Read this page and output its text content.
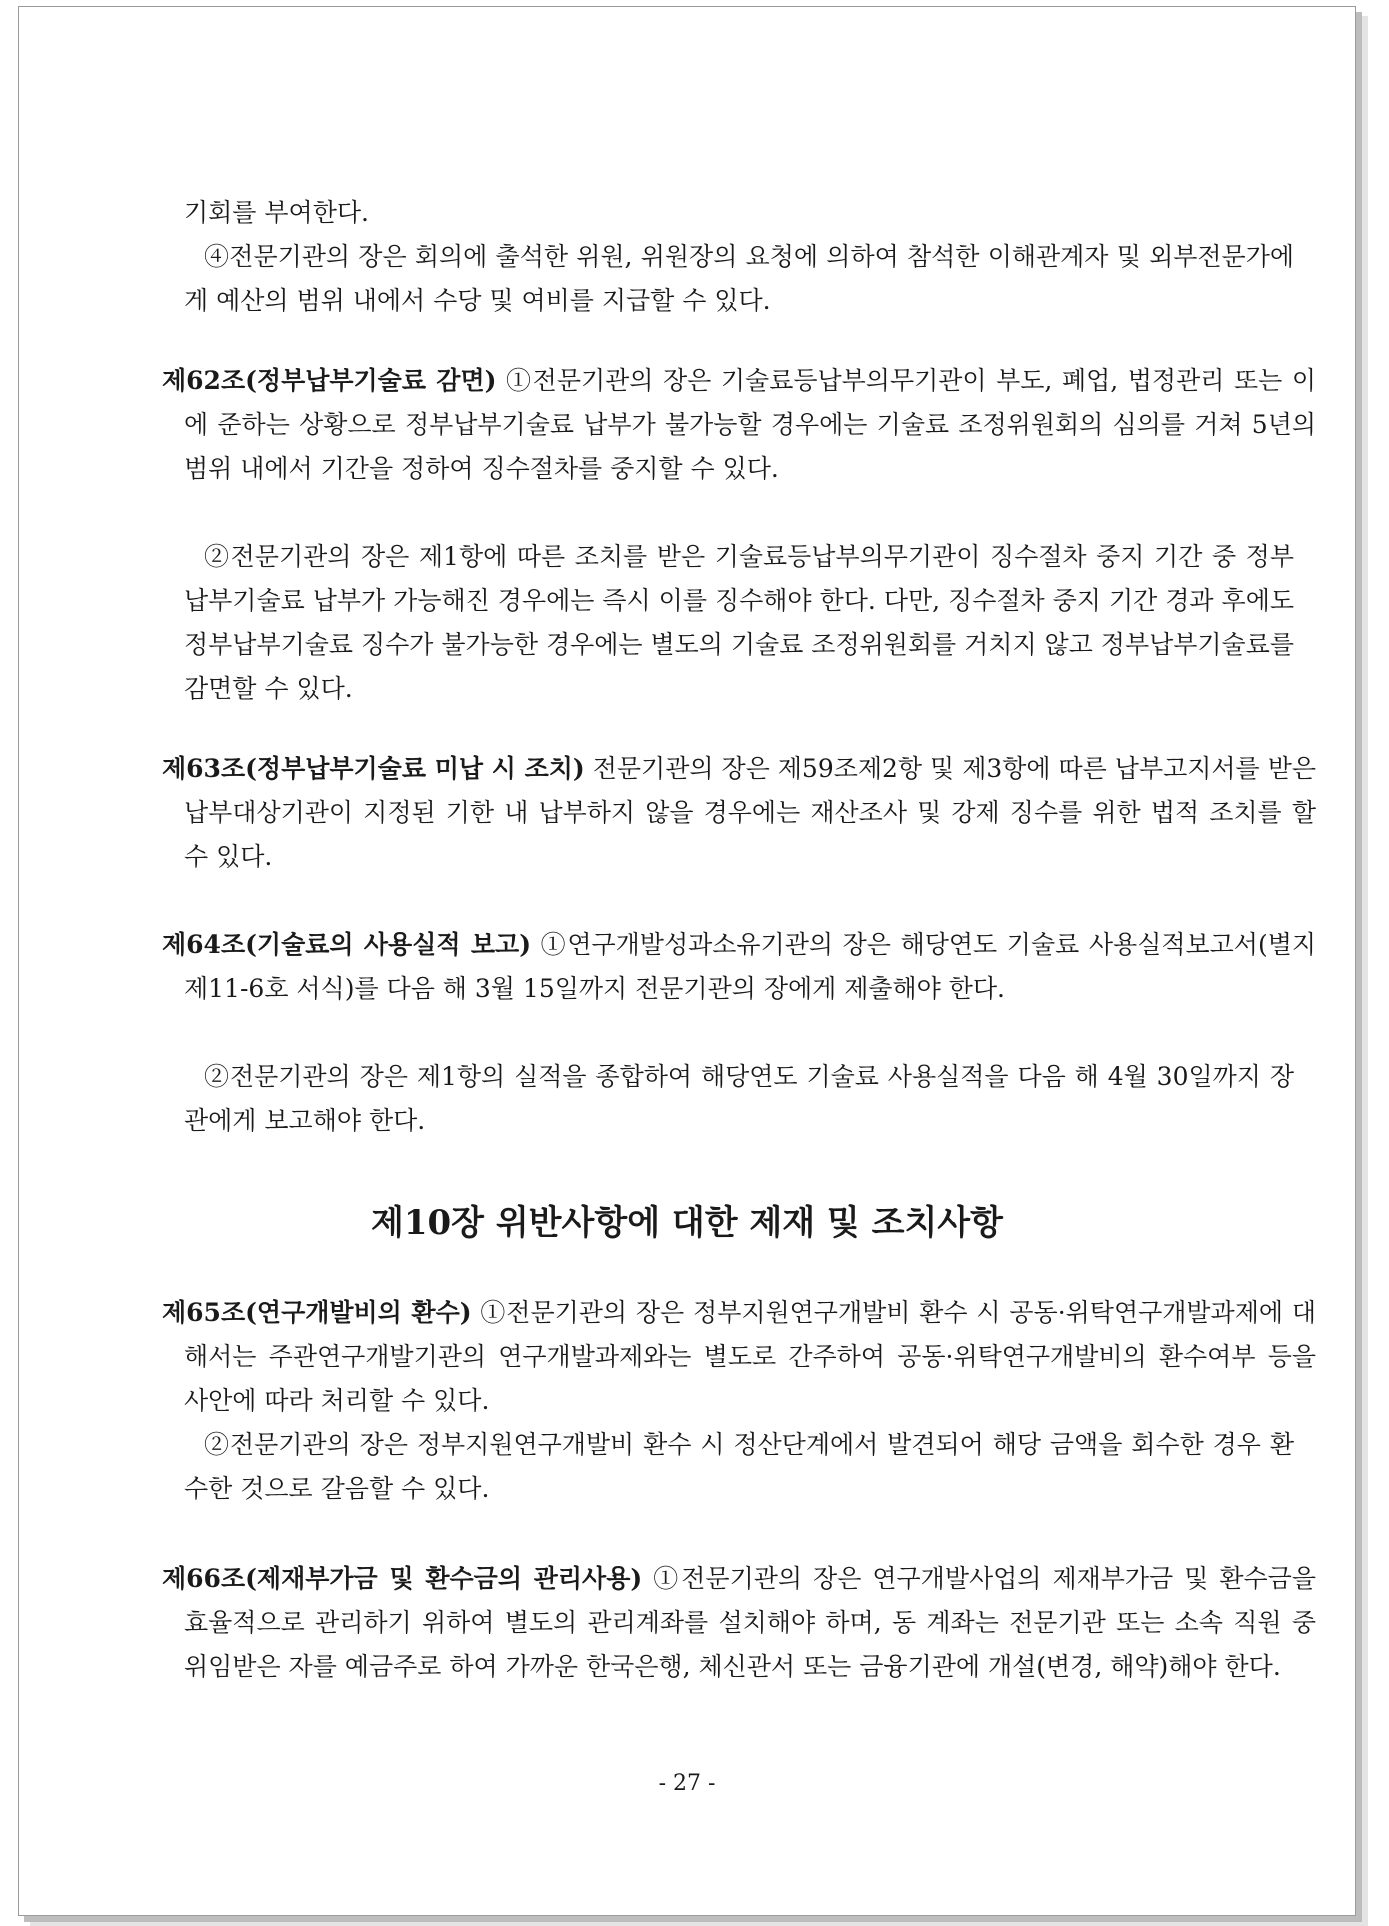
기회를 부여한다.

④전문기관의 장은 회의에 출석한 위원, 위원장의 요청에 의하여 참석한 이해관계자 및 외부전문가에게 예산의 범위 내에서 수당 및 여비를 지급할 수 있다.

제62조(정부납부기술료 감면) ①전문기관의 장은 기술료등납부의무기관이 부도, 폐업, 법정관리 또는 이에 준하는 상황으로 정부납부기술료 납부가 불가능할 경우에는 기술료 조정위원회의 심의를 거쳐 5년의 범위 내에서 기간을 정하여 징수절차를 중지할 수 있다.

②전문기관의 장은 제1항에 따른 조치를 받은 기술료등납부의무기관이 징수절차 중지 기간 중 정부납부기술료 납부가 가능해진 경우에는 즉시 이를 징수해야 한다. 다만, 징수절차 중지 기간 경과 후에도 정부납부기술료 징수가 불가능한 경우에는 별도의 기술료 조정위원회를 거치지 않고 정부납부기술료를 감면할 수 있다.

제63조(정부납부기술료 미납 시 조치) 전문기관의 장은 제59조제2항 및 제3항에 따른 납부고지서를 받은 납부대상기관이 지정된 기한 내 납부하지 않을 경우에는 재산조사 및 강제 징수를 위한 법적 조치를 할 수 있다.

제64조(기술료의 사용실적 보고) ①연구개발성과소유기관의 장은 해당연도 기술료 사용실적보고서(별지 제11-6호 서식)를 다음 해 3월 15일까지 전문기관의 장에게 제출해야 한다.

②전문기관의 장은 제1항의 실적을 종합하여 해당연도 기술료 사용실적을 다음 해 4월 30일까지 장관에게 보고해야 한다.

제10장 위반사항에 대한 제재 및 조치사항

제65조(연구개발비의 환수) ①전문기관의 장은 정부지원연구개발비 환수 시 공동·위탁연구개발과제에 대해서는 주관연구개발기관의 연구개발과제와는 별도로 간주하여 공동·위탁연구개발비의 환수여부 등을 사안에 따라 처리할 수 있다.

②전문기관의 장은 정부지원연구개발비 환수 시 정산단계에서 발견되어 해당 금액을 회수한 경우 환수한 것으로 갈음할 수 있다.

제66조(제재부가금 및 환수금의 관리사용) ①전문기관의 장은 연구개발사업의 제재부가금 및 환수금을 효율적으로 관리하기 위하여 별도의 관리계좌를 설치해야 하며, 동 계좌는 전문기관 또는 소속 직원 중 위임받은 자를 예금주로 하여 가까운 한국은행, 체신관서 또는 금융기관에 개설(변경, 해약)해야 한다.

- 27 -
